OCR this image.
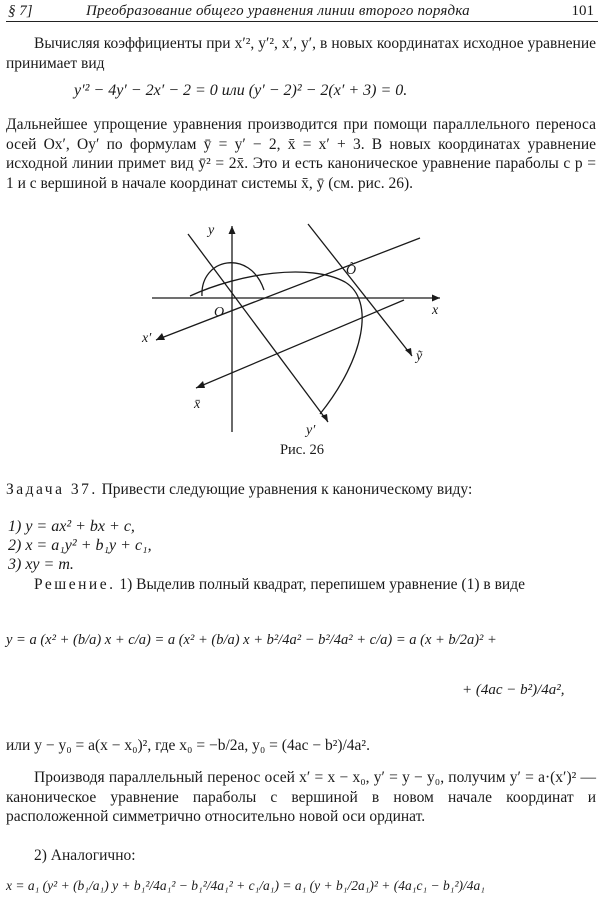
§ 7]	Преобразование общего уравнения линии второго порядка	101
Вычисляя коэффициенты при x′², y′², x′, y′, в новых координатах исходное уравнение принимает вид
y′² − 4y′ − 2x′ − 2 = 0 или (y′ − 2)² − 2(x′ + 3) = 0.
Дальнейшее упрощение уравнения производится при помощи параллельного переноса осей Ox′, Oy′ по формулам ȳ = y′ − 2, x̄ = x′ + 3. В новых координатах уравнение исходной линии примет вид ȳ² = 2x̄. Это и есть каноническое уравнение параболы с p = 1 и с вершиной в начале координат системы x̄, ȳ (см. рис. 26).
y
x
O
Õ
x′
y′
x̄
ỹ
Рис. 26
Задача 37. Привести следующие уравнения к каноническому виду:
1) y = ax² + bx + c,
2) x = a₁y² + b₁y + c₁,
3) xy = m.
Решение. 1) Выделив полный квадрат, перепишем уравнение (1) в виде
y = a (x² + (b/a) x + c/a) = a (x² + (b/a) x + b²/4a² − b²/4a² + c/a) = a (x + b/2a)² +
+ (4ac − b²)/4a²,
или y − y₀ = a(x − x₀)², где x₀ = −b/2a, y₀ = (4ac − b²)/4a².
Производя параллельный перенос осей x′ = x − x₀, y′ = y − y₀, получим y′ = a·(x′)² — каноническое уравнение параболы с вершиной в новом начале координат и расположенной симметрично относительно новой оси ординат.
2) Аналогично:
x = a₁ (y² + (b₁/a₁) y + b₁²/4a₁² − b₁²/4a₁² + c₁/a₁) = a₁ (y + b₁/2a₁)² + (4a₁c₁ − b₁²)/4a₁
